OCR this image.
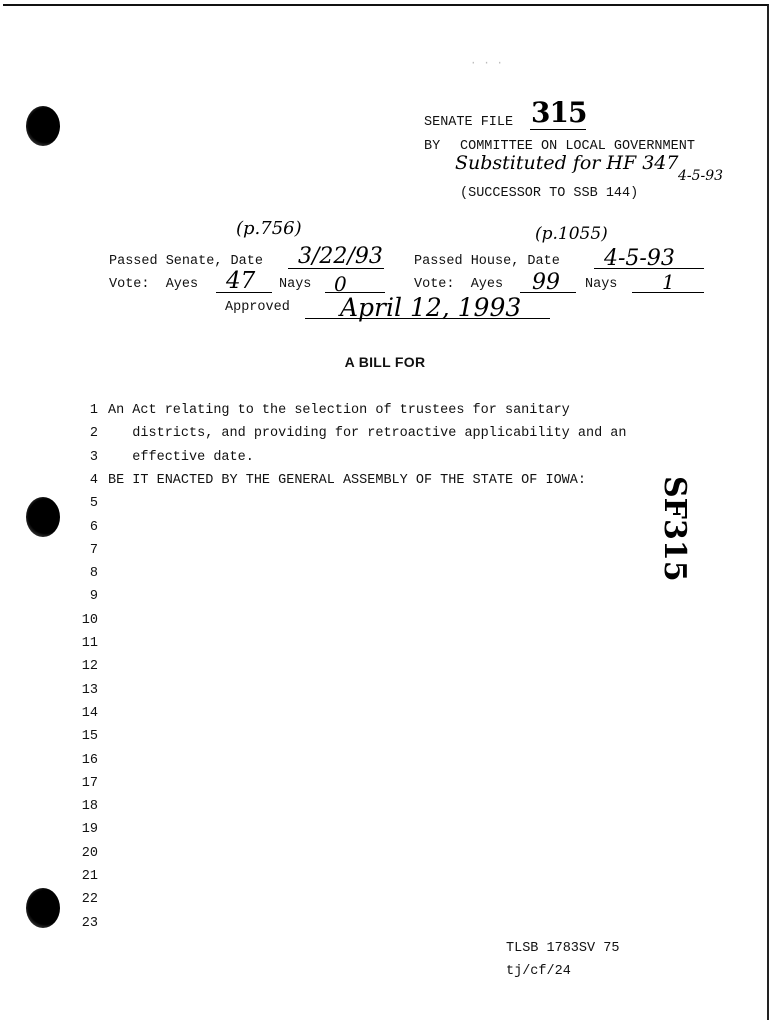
· · ·
SENATE FILE 315
BY COMMITTEE ON LOCAL GOVERNMENT
Substituted for HF 347
4-5-93
(SUCCESSOR TO SSB 144)
(p.756)	(p.1055)
Passed Senate, Date 3/22/93 Passed House, Date 4-5-93
Vote:  Ayes 47 Nays 0	Vote:  Ayes 99 Nays 1
Approved April 12, 1993
A BILL FOR
1 An Act relating to the selection of trustees for sanitary
2 districts, and providing for retroactive applicability and an
3 effective date.
4 BE IT ENACTED BY THE GENERAL ASSEMBLY OF THE STATE OF IOWA:
5
6
7
8
9
10
11
12
13
14
15
16
17
18
19
20
21
22
23
SF315
TLSB 1783SV 75
tj/cf/24
